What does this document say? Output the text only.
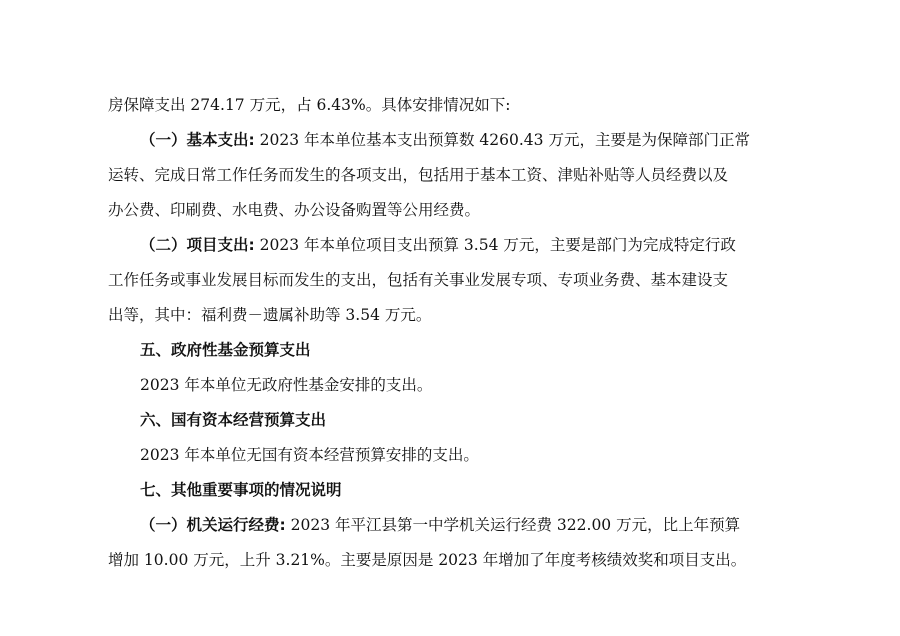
房保障支出 274.17 万元，占 6.43%。具体安排情况如下:
（一）基本支出: 2023 年本单位基本支出预算数 4260.43 万元，主要是为保障部门正常
运转、完成日常工作任务而发生的各项支出，包括用于基本工资、津贴补贴等人员经费以及
办公费、印刷费、水电费、办公设备购置等公用经费。
（二）项目支出: 2023 年本单位项目支出预算 3.54 万元，主要是部门为完成特定行政
工作任务或事业发展目标而发生的支出，包括有关事业发展专项、专项业务费、基本建设支
出等，其中：福利费－遗属补助等 3.54 万元。
五、政府性基金预算支出
2023 年本单位无政府性基金安排的支出。
六、国有资本经营预算支出
2023 年本单位无国有资本经营预算安排的支出。
七、其他重要事项的情况说明
（一）机关运行经费: 2023 年平江县第一中学机关运行经费 322.00 万元，比上年预算
增加 10.00 万元，上升 3.21%。主要是原因是 2023 年增加了年度考核绩效奖和项目支出。
